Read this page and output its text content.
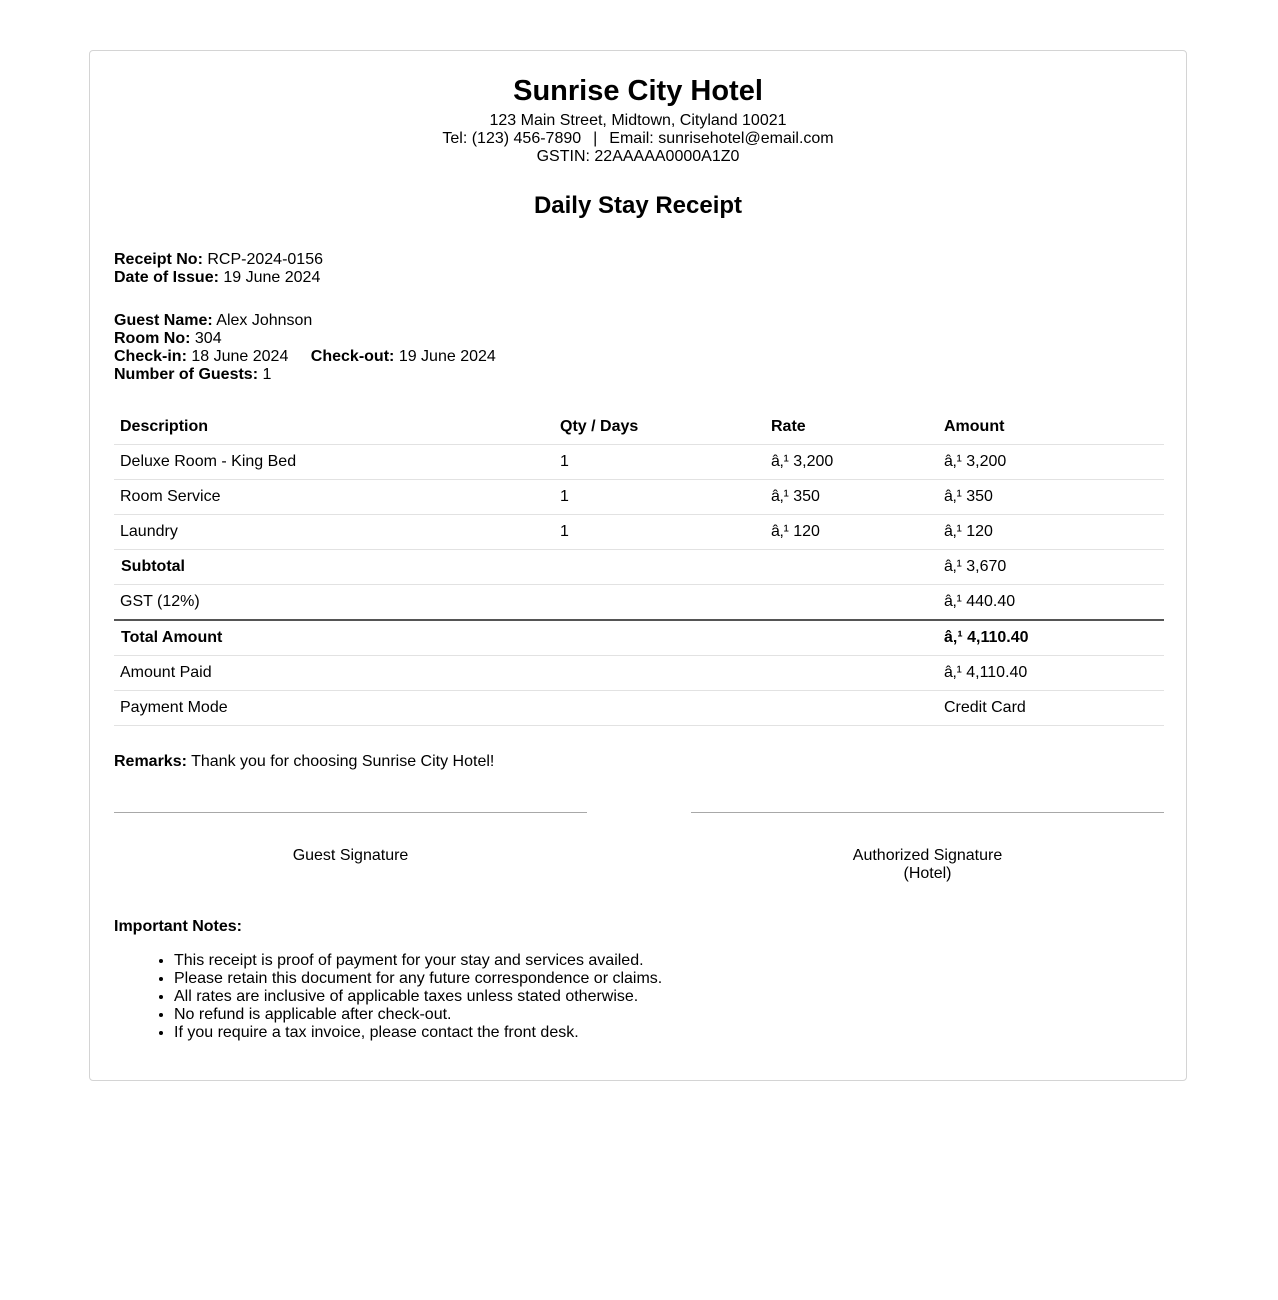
Sunrise City Hotel
123 Main Street, Midtown, Cityland 10021
Tel: (123) 456-7890 | Email: sunrisehotel@email.com
GSTIN: 22AAAAA0000A1Z0
Daily Stay Receipt
Receipt No: RCP-2024-0156
Date of Issue: 19 June 2024
Guest Name: Alex Johnson
Room No: 304
Check-in: 18 June 2024 Check-out: 19 June 2024
Number of Guests: 1
Description	Qty / Days	Rate	Amount
Deluxe Room - King Bed	1	â‚¹ 3,200	â‚¹ 3,200
Room Service	1	â‚¹ 350	â‚¹ 350
Laundry	1	â‚¹ 120	â‚¹ 120
Subtotal			â‚¹ 3,670
GST (12%)			â‚¹ 440.40
Total Amount			â‚¹ 4,110.40
Amount Paid			â‚¹ 4,110.40
Payment Mode			Credit Card
Remarks: Thank you for choosing Sunrise City Hotel!
Guest Signature	Authorized Signature
(Hotel)
Important Notes:
• This receipt is proof of payment for your stay and services availed.
• Please retain this document for any future correspondence or claims.
• All rates are inclusive of applicable taxes unless stated otherwise.
• No refund is applicable after check-out.
• If you require a tax invoice, please contact the front desk.
